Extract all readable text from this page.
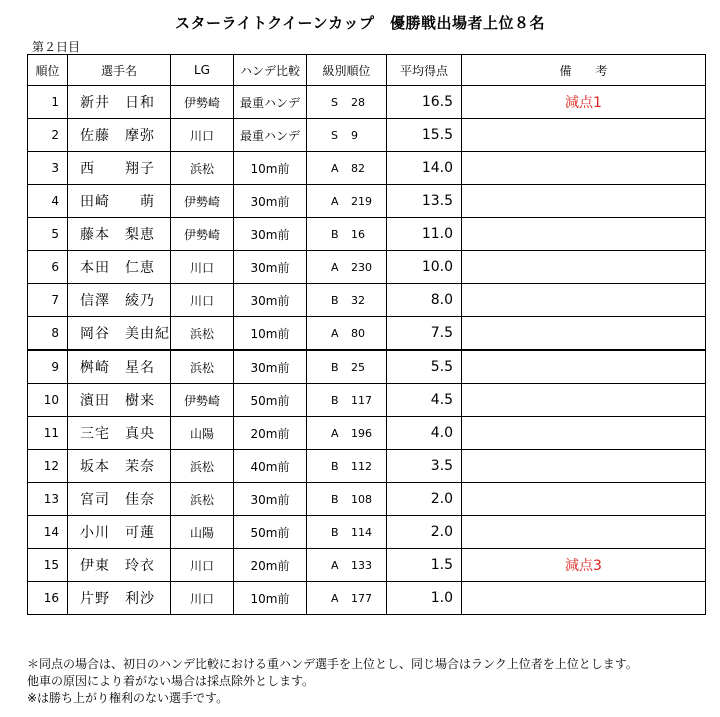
スターライトクイーンカップ　優勝戦出場者上位８名
第２日目
順位	選手名	LG	ハンデ比較	級別順位	平均得点	備　　考
1	新井　日和	伊勢崎	最重ハンデ	S 28	16.5	減点1
2	佐藤　摩弥	川口	最重ハンデ	S 9	15.5	
3	西　　翔子	浜松	10m前	A 82	14.0	
4	田崎　　萌	伊勢崎	30m前	A 219	13.5	
5	藤本　梨恵	伊勢崎	30m前	B 16	11.0	
6	本田　仁恵	川口	30m前	A 230	10.0	
7	信澤　綾乃	川口	30m前	B 32	8.0	
8	岡谷　美由紀	浜松	10m前	A 80	7.5	
9	桝崎　星名	浜松	30m前	B 25	5.5	
10	濱田　樹来	伊勢崎	50m前	B 117	4.5	
11	三宅　真央	山陽	20m前	A 196	4.0	
12	坂本　茉奈	浜松	40m前	B 112	3.5	
13	宮司　佳奈	浜松	30m前	B 108	2.0	
14	小川　可蓮	山陽	50m前	B 114	2.0	
15	伊東　玲衣	川口	20m前	A 133	1.5	減点3
16	片野　利沙	川口	10m前	A 177	1.0	
＊同点の場合は、初日のハンデ比較における重ハンデ選手を上位とし、同じ場合はランク上位者を上位とします。
他車の原因により着がない場合は採点除外とします。
※は勝ち上がり権利のない選手です。
